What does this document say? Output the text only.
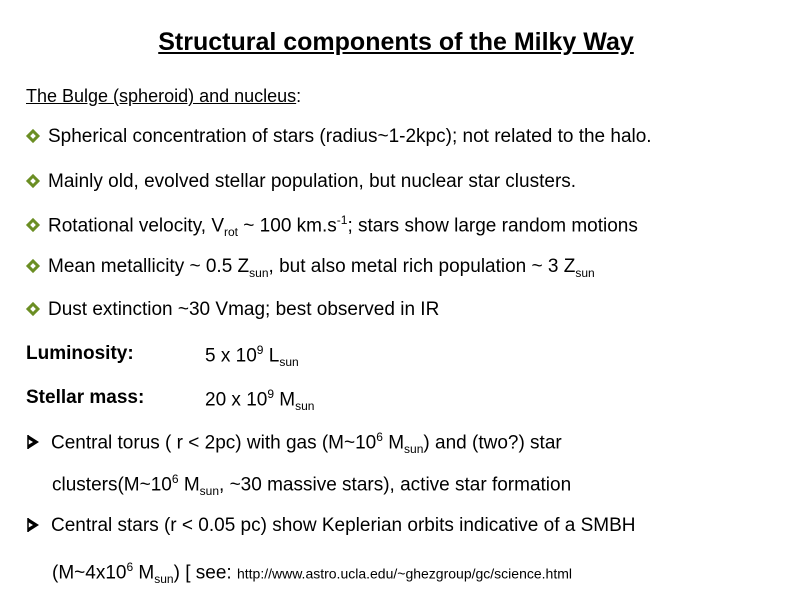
Structural components of the Milky Way
The Bulge (spheroid) and nucleus:
Spherical concentration of stars (radius~1-2kpc); not related to the halo.
Mainly old, evolved stellar population, but nuclear star clusters.
Rotational velocity, $V_{rot}$ ~ 100 $km.s^{-1}$; stars show large random motions
Mean metallicity ~ 0.5 $Z_{sun}$, but also metal rich population ~ 3 $Z_{sun}$
Dust extinction ~30 Vmag; best observed in IR
Luminosity:	5 x $10^9$ $L_{sun}$
Stellar mass:	20 x $10^9$ $M_{sun}$
Central torus ( r < 2pc) with gas ($M\sim 10^6$ $M_{sun}$) and (two?) star
$clusters(M\sim 10^6$ $M_{sun}$, ~30 massive stars), active star formation
Central stars (r < 0.05 pc) show Keplerian orbits indicative of a SMBH
($M\sim 4x10^6$ $M_{sun}$) [ see: http://www.astro.ucla.edu/~ghezgroup/gc/science.html
